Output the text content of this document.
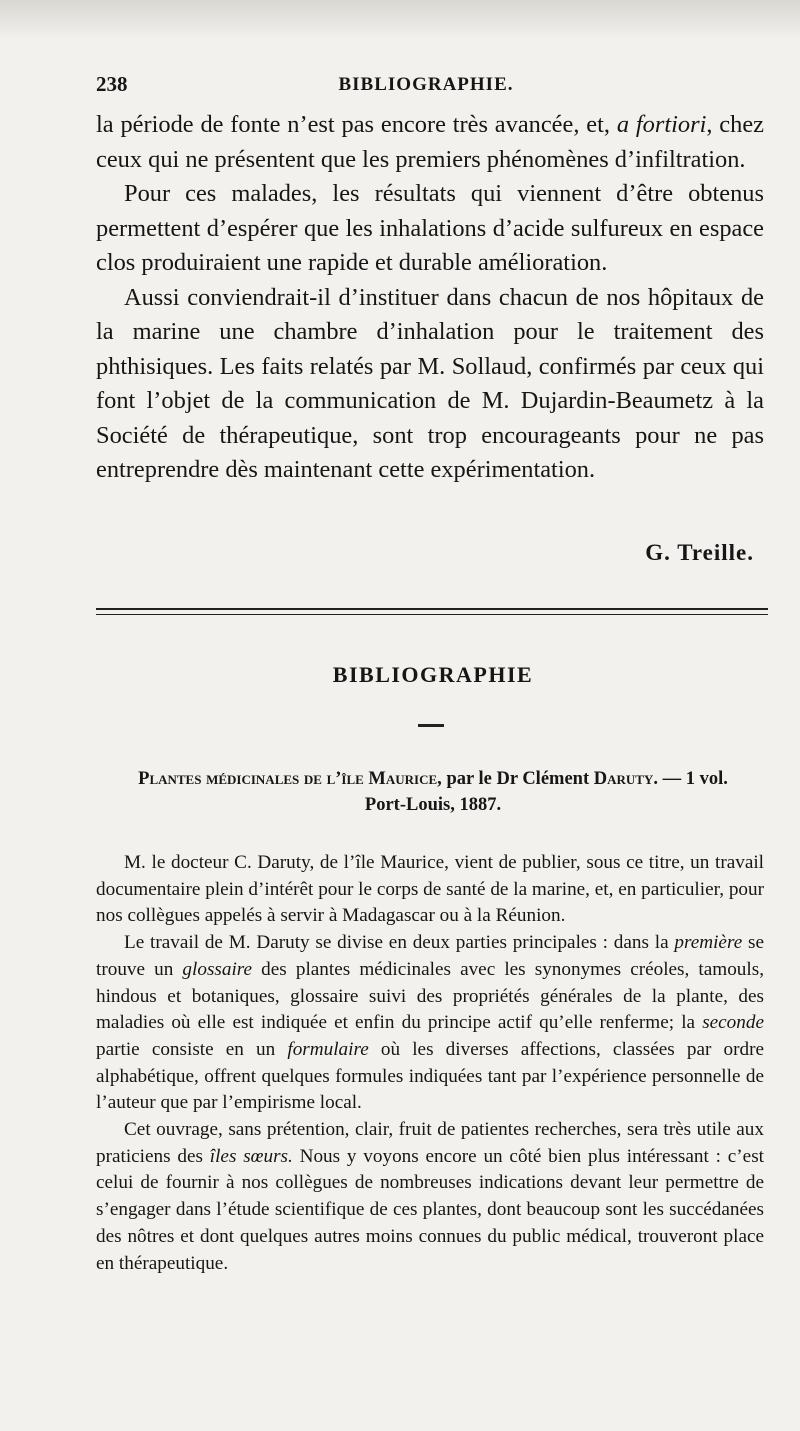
238	BIBLIOGRAPHIE.

la période de fonte n’est pas encore très avancée, et, a fortiori, chez ceux qui ne présentent que les premiers phénomènes d’infiltration.

Pour ces malades, les résultats qui viennent d’être obtenus permettent d’espérer que les inhalations d’acide sulfureux en espace clos produiraient une rapide et durable amélioration.

Aussi conviendrait-il d’instituer dans chacun de nos hôpitaux de la marine une chambre d’inhalation pour le traitement des phthisiques. Les faits relatés par M. Sollaud, confirmés par ceux qui font l’objet de la communication de M. Dujardin-Beaumetz à la Société de thérapeutique, sont trop encourageants pour ne pas entreprendre dès maintenant cette expérimentation.

G. Treille.
BIBLIOGRAPHIE
Plantes médicinales de l’île Maurice, par le Dr Clément Daruty. — 1 vol.
Port-Louis, 1887.

M. le docteur C. Daruty, de l’île Maurice, vient de publier, sous ce titre, un travail documentaire plein d’intérêt pour le corps de santé de la marine, et, en particulier, pour nos collègues appelés à servir à Madagascar ou à la Réunion.

Le travail de M. Daruty se divise en deux parties principales : dans la première se trouve un glossaire des plantes médicinales avec les synonymes créoles, tamouls, hindous et botaniques, glossaire suivi des propriétés générales de la plante, des maladies où elle est indiquée et enfin du principe actif qu’elle renferme; la seconde partie consiste en un formulaire où les diverses affections, classées par ordre alphabétique, offrent quelques formules indiquées tant par l’expérience personnelle de l’auteur que par l’empirisme local.

Cet ouvrage, sans prétention, clair, fruit de patientes recherches, sera très utile aux praticiens des îles sœurs. Nous y voyons encore un côté bien plus intéressant : c’est celui de fournir à nos collègues de nombreuses indications devant leur permettre de s’engager dans l’étude scientifique de ces plantes, dont beaucoup sont les succédanées des nôtres et dont quelques autres moins connues du public médical, trouveront place en thérapeutique.
